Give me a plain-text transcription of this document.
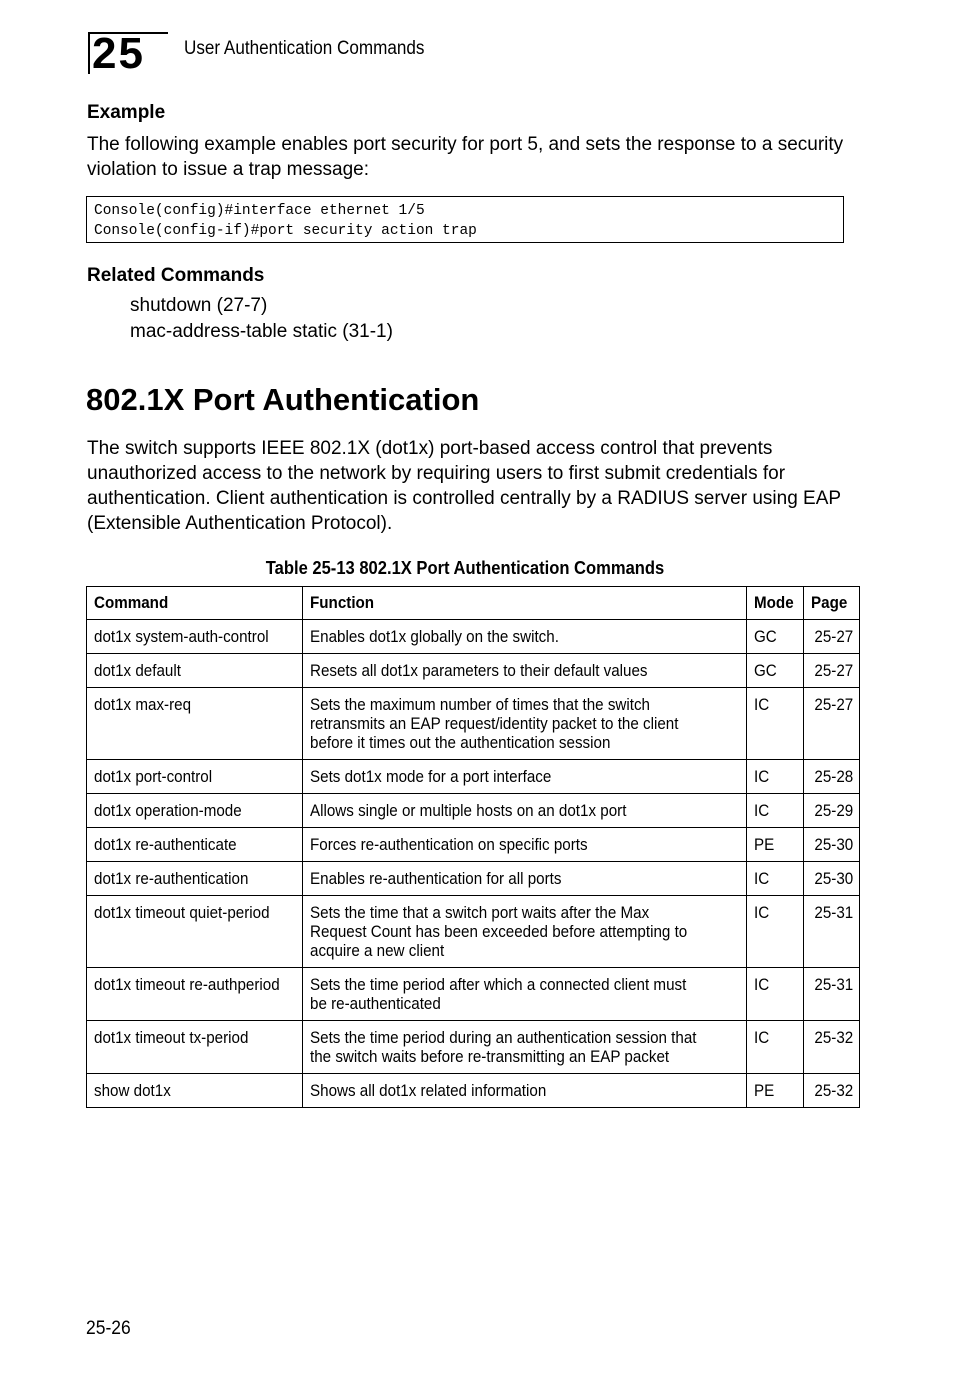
25 User Authentication Commands
Example
The following example enables port security for port 5, and sets the response to a security violation to issue a trap message:
Console(config)#interface ethernet 1/5
Console(config-if)#port security action trap
Related Commands
shutdown (27-7)
mac-address-table static (31-1)
802.1X Port Authentication
The switch supports IEEE 802.1X (dot1x) port-based access control that prevents unauthorized access to the network by requiring users to first submit credentials for authentication. Client authentication is controlled centrally by a RADIUS server using EAP (Extensible Authentication Protocol).
Table 25-13 802.1X Port Authentication Commands
Command	Function	Mode	Page
dot1x system-auth-control	Enables dot1x globally on the switch.	GC	25-27
dot1x default	Resets all dot1x parameters to their default values	GC	25-27
dot1x max-req	Sets the maximum number of times that the switch retransmits an EAP request/identity packet to the client before it times out the authentication session	IC	25-27
dot1x port-control	Sets dot1x mode for a port interface	IC	25-28
dot1x operation-mode	Allows single or multiple hosts on an dot1x port	IC	25-29
dot1x re-authenticate	Forces re-authentication on specific ports	PE	25-30
dot1x re-authentication	Enables re-authentication for all ports	IC	25-30
dot1x timeout quiet-period	Sets the time that a switch port waits after the Max Request Count has been exceeded before attempting to acquire a new client	IC	25-31
dot1x timeout re-authperiod	Sets the time period after which a connected client must be re-authenticated	IC	25-31
dot1x timeout tx-period	Sets the time period during an authentication session that the switch waits before re-transmitting an EAP packet	IC	25-32
show dot1x	Shows all dot1x related information	PE	25-32
25-26
